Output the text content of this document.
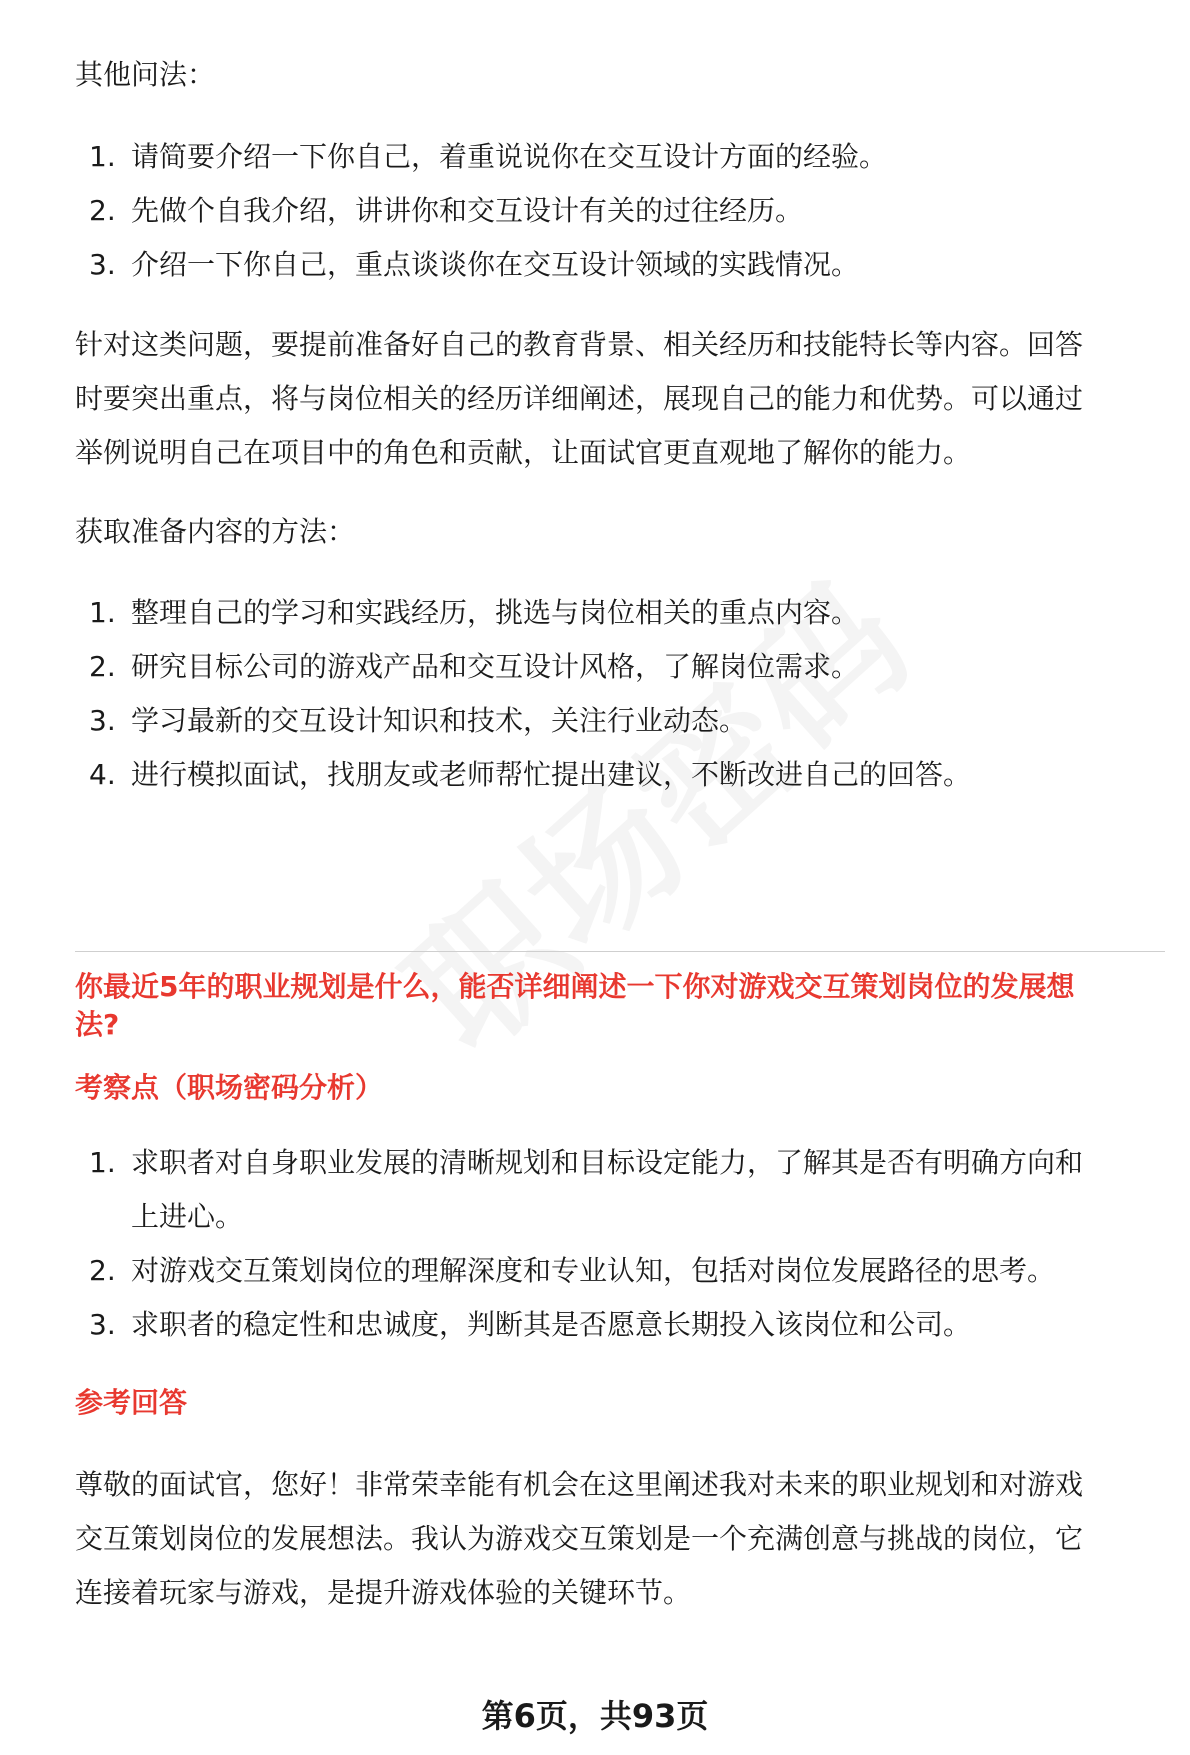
其他问法：
1. 请简要介绍一下你自己，着重说说你在交互设计方面的经验。
2. 先做个自我介绍，讲讲你和交互设计有关的过往经历。
3. 介绍一下你自己，重点谈谈你在交互设计领域的实践情况。
针对这类问题，要提前准备好自己的教育背景、相关经历和技能特长等内容。回答
时要突出重点，将与岗位相关的经历详细阐述，展现自己的能力和优势。可以通过
举例说明自己在项目中的角色和贡献，让面试官更直观地了解你的能力。
获取准备内容的方法：
1. 整理自己的学习和实践经历，挑选与岗位相关的重点内容。
2. 研究目标公司的游戏产品和交互设计风格，了解岗位需求。
3. 学习最新的交互设计知识和技术，关注行业动态。
4. 进行模拟面试，找朋友或老师帮忙提出建议，不断改进自己的回答。
你最近5年的职业规划是什么，能否详细阐述一下你对游戏交互策划岗位的发展想
法?
考察点（职场密码分析）
1. 求职者对自身职业发展的清晰规划和目标设定能力，了解其是否有明确方向和
上进心。
2. 对游戏交互策划岗位的理解深度和专业认知，包括对岗位发展路径的思考。
3. 求职者的稳定性和忠诚度，判断其是否愿意长期投入该岗位和公司。
参考回答
尊敬的面试官，您好！非常荣幸能有机会在这里阐述我对未来的职业规划和对游戏
交互策划岗位的发展想法。我认为游戏交互策划是一个充满创意与挑战的岗位，它
连接着玩家与游戏，是提升游戏体验的关键环节。
第6页，共93页
